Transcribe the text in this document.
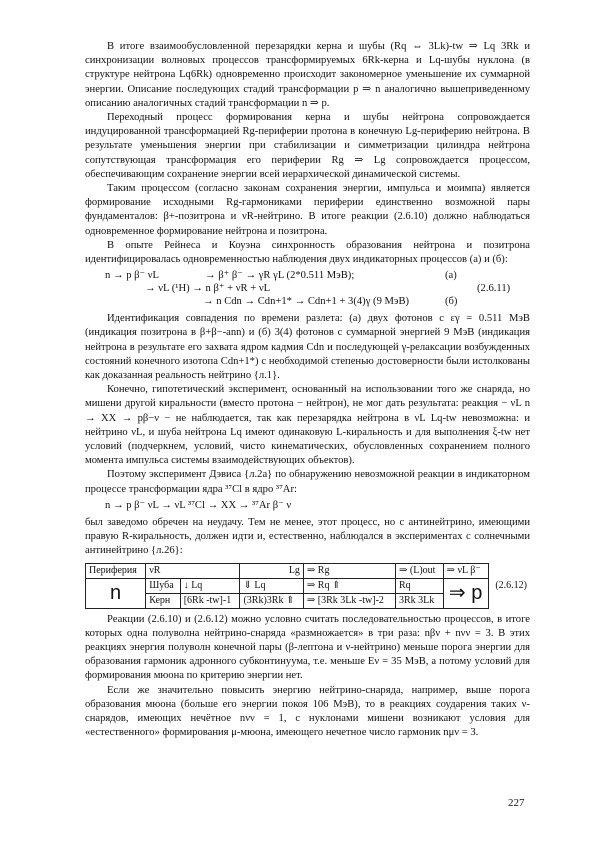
В итоге взаимообусловленной перезарядки керна и шубы (Rq ⇔ 3Lk)-tw ⇒ Lq 3Rk и синхронизации волновых процессов трансформируемых 6Rk-керна и Lq-шубы нуклона (в структуре нейтрона Lq6Rk) одновременно происходит закономерное уменьшение их суммарной энергии. Описание последующих стадий трансформации p ⇒ n аналогично вышеприведенному описанию аналогичных стадий трансформации n ⇒ p.

Переходный процесс формирования керна и шубы нейтрона сопровождается индуцированной трансформацией Rg-периферии протона в конечную Lg-периферию нейтрона. В результате уменьшения энергии при стабилизации и симметризации цилиндра нейтрона сопутствующая трансформация его периферии Rg ⇒ Lg сопровождается процессом, обеспечивающим сохранение энергии всей иерархической динамической системы.

Таким процессом (согласно законам сохранения энергии, импульса и моимпа) является формирование исходными Rg-гармониками периферии единственно возможной пары фундаменталов: β+-позитрона и νR-нейтрино. В итоге реакции (2.6.10) должно наблюдаться одновременное формирование нейтрона и позитрона.

В опыте Рейнеса и Коуэна синхронность образования нейтрона и позитрона идентифицировалась одновременностью наблюдения двух индикаторных процессов (а) и (б):

n → p β⁻ νL	→ β⁺ β⁻ → γR γL (2*0.511 МэВ);	(а)
→ νL (¹H) → n β⁺ + νR + νL	(2.6.11)
→ n Cdn → Cdn+1* → Cdn+1 + 3(4)γ (9 МэВ)	(б)

Идентификация совпадения по времени разлета: (а) двух фотонов с εγ = 0.511 МэВ (индикация позитрона в β+β−-ann) и (б) 3(4) фотонов с суммарной энергией 9 МэВ (индикация нейтрона в результате его захвата ядром кадмия Cdn и последующей γ-релаксации возбужденных состояний конечного изотопа Cdn+1*) с необходимой степенью достоверности были истолкованы как доказанная реальность нейтрино {л.1}.

Конечно, гипотетический эксперимент, основанный на использовании того же снаряда, но мишени другой киральности (вместо протона − нейтрон), не мог дать результата: реакция − νL n → XX → pβ−ν − не наблюдается, так как перезарядка нейтрона в νL Lq-tw невозможна: и нейтрино νL, и шуба нейтрона Lq имеют одинаковую L-киральность и для выполнения ξ-tw нет условий (подчеркнем, условий, чисто кинематических, обусловленных сохранением полного момента импульса системы взаимодействующих объектов).

Поэтому эксперимент Дэвиса {л.2а} по обнаружению невозможной реакции в индикаторном процессе трансформации ядра ³⁷Cl в ядро ³⁷Ar:

n → p β⁻ νL → νL ³⁷Cl → XX → ³⁷Ar β⁻ ν

был заведомо обречен на неудачу. Тем не менее, этот процесс, но с антинейтрино, имеющими правую R-киральность, должен идти и, естественно, наблюдался в экспериментах с солнечными антинейтрино {л.26}:

Периферия	νR		Lg	⇒ Rg	⇒ (L)out	⇒ νL β⁻	(2.6.12)
n	Шуба	↓ Lq	⇓ Lq	⇒ Rq ⇑	Rq	⇒ p	
	Керн	[6Rk -tw]-1	(3Rk)3Rk ⇑	⇒ [3Rk 3Lk -tw]-2	3Rk 3Lk		

Реакции (2.6.10) и (2.6.12) можно условно считать последовательностью процессов, в итоге которых одна полуволна нейтрино-снаряда «размножается» в три раза: nβν + nνν = 3. В этих реакциях энергия полуволн конечной пары (β-лептона и ν-нейтрино) меньше порога энергии для образования гармоник адронного субконтинуума, т.е. меньше Eν = 35 МэВ, а потому условий для формирования мюона по критерию энергии нет.

Если же значительно повысить энергию нейтрино-снаряда, например, выше порога образования мюона (больше его энергии покоя 106 МэВ), то в реакциях соударения таких ν-снарядов, имеющих нечётное nνν = 1, с нуклонами мишени возникают условия для «естественного» формирования μ-мюона, имеющего нечетное число гармоник nμν = 3.

227
